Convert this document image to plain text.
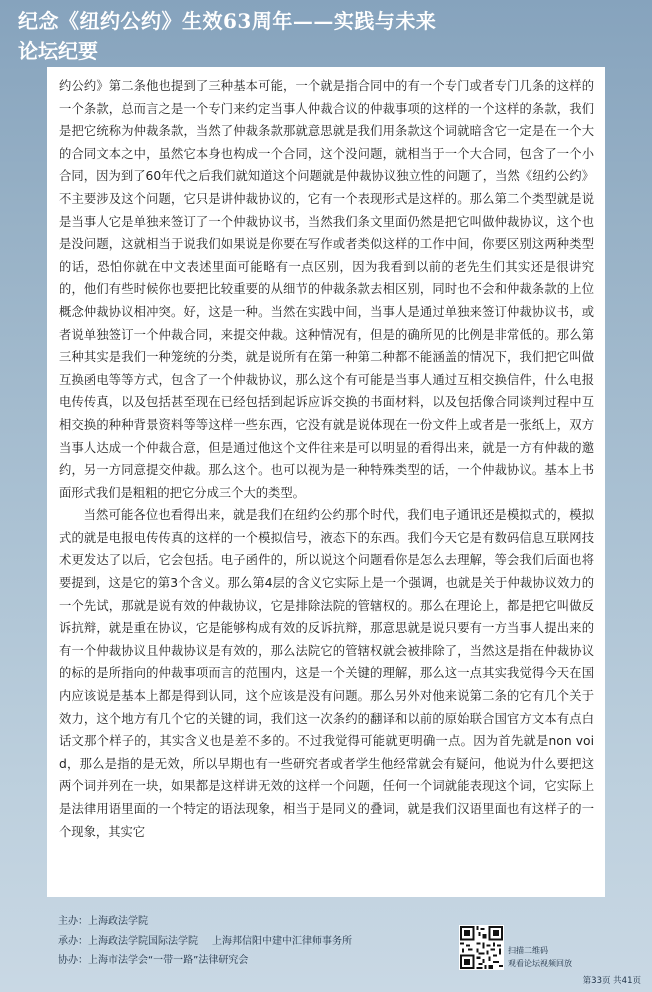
纪念《纽约公约》生效63周年——实践与未来
论坛纪要

约公约》第二条他也提到了三种基本可能，一个就是指合同中的有一个专门或者专门几条的这样的一个条款，总而言之是一个专门来约定当事人仲裁合议的仲裁事项的这样的一个这样的条款，我们是把它统称为仲裁条款，当然了仲裁条款那就意思就是我们用条款这个词就暗含它一定是在一个大的合同文本之中，虽然它本身也构成一个合同，这个没问题，就相当于一个大合同，包含了一个小合同，因为到了60年代之后我们就知道这个问题就是仲裁协议独立性的问题了，当然《纽约公约》不主要涉及这个问题，它只是讲仲裁协议的，它有一个表现形式是这样的。那么第二个类型就是说是当事人它是单独来签订了一个仲裁协议书，当然我们条文里面仍然是把它叫做仲裁协议，这个也是没问题，这就相当于说我们如果说是你要在写作或者类似这样的工作中间，你要区别这两种类型的话，恐怕你就在中文表述里面可能略有一点区别，因为我看到以前的老先生们其实还是很讲究的，他们有些时候你也要把比较重要的从细节的仲裁条款去相区别，同时也不会和仲裁条款的上位概念仲裁协议相冲突。好，这是一种。当然在实践中间，当事人是通过单独来签订仲裁协议书，或者说单独签订一个仲裁合同，来提交仲裁。这种情况有，但是的确所见的比例是非常低的。那么第三种其实是我们一种笼统的分类，就是说所有在第一种第二种都不能涵盖的情况下，我们把它叫做互换函电等等方式，包含了一个仲裁协议，那么这个有可能是当事人通过互相交换信件，什么电报电传传真，以及包括甚至现在已经包括到起诉应诉交换的书面材料，以及包括像合同谈判过程中互相交换的种种背景资料等等这样一些东西，它没有就是说体现在一份文件上或者是一张纸上，双方当事人达成一个仲裁合意，但是通过他这个文件往来是可以明显的看得出来，就是一方有仲裁的邀约，另一方同意提交仲裁。那么这个。也可以视为是一种特殊类型的话，一个仲裁协议。基本上书面形式我们是粗粗的把它分成三个大的类型。

当然可能各位也看得出来，就是我们在纽约公约那个时代，我们电子通讯还是模拟式的，模拟式的就是电报电传传真的这样的一个模拟信号，液态下的东西。我们今天它是有数码信息互联网技术更发达了以后，它会包括。电子函件的，所以说这个问题看你是怎么去理解，等会我们后面也将要提到，这是它的第3个含义。那么第4层的含义它实际上是一个强调，也就是关于仲裁协议效力的一个先试，那就是说有效的仲裁协议，它是排除法院的管辖权的。那么在理论上，都是把它叫做反诉抗辩，就是重在协议，它是能够构成有效的反诉抗辩，那意思就是说只要有一方当事人提出来的有一个仲裁协议且仲裁协议是有效的，那么法院它的管辖权就会被排除了，当然这是指在仲裁协议的标的是所指向的仲裁事项而言的范围内，这是一个关键的理解，那么这一点其实我觉得今天在国内应该说是基本上都是得到认同，这个应该是没有问题。那么另外对他来说第二条的它有几个关于效力，这个地方有几个它的关键的词，我们这一次条约的翻译和以前的原始联合国官方文本有点白话文那个样子的，其实含义也是差不多的。不过我觉得可能就更明确一点。因为首先就是non void，那么是指的是无效，所以早期也有一些研究者或者学生他经常就会有疑问，他说为什么要把这两个词并列在一块，如果都是这样讲无效的这样一个问题，任何一个词就能表现这个词，它实际上是法律用语里面的一个特定的语法现象，相当于是同义的叠词，就是我们汉语里面也有这样子的一个现象，其实它

主办：上海政法学院
承办：上海政法学院国际法学院 上海邦信阳中建中汇律师事务所
协办：上海市法学会“一带一路”法律研究会
扫描二维码
观看论坛视频回放
第33页 共41页
